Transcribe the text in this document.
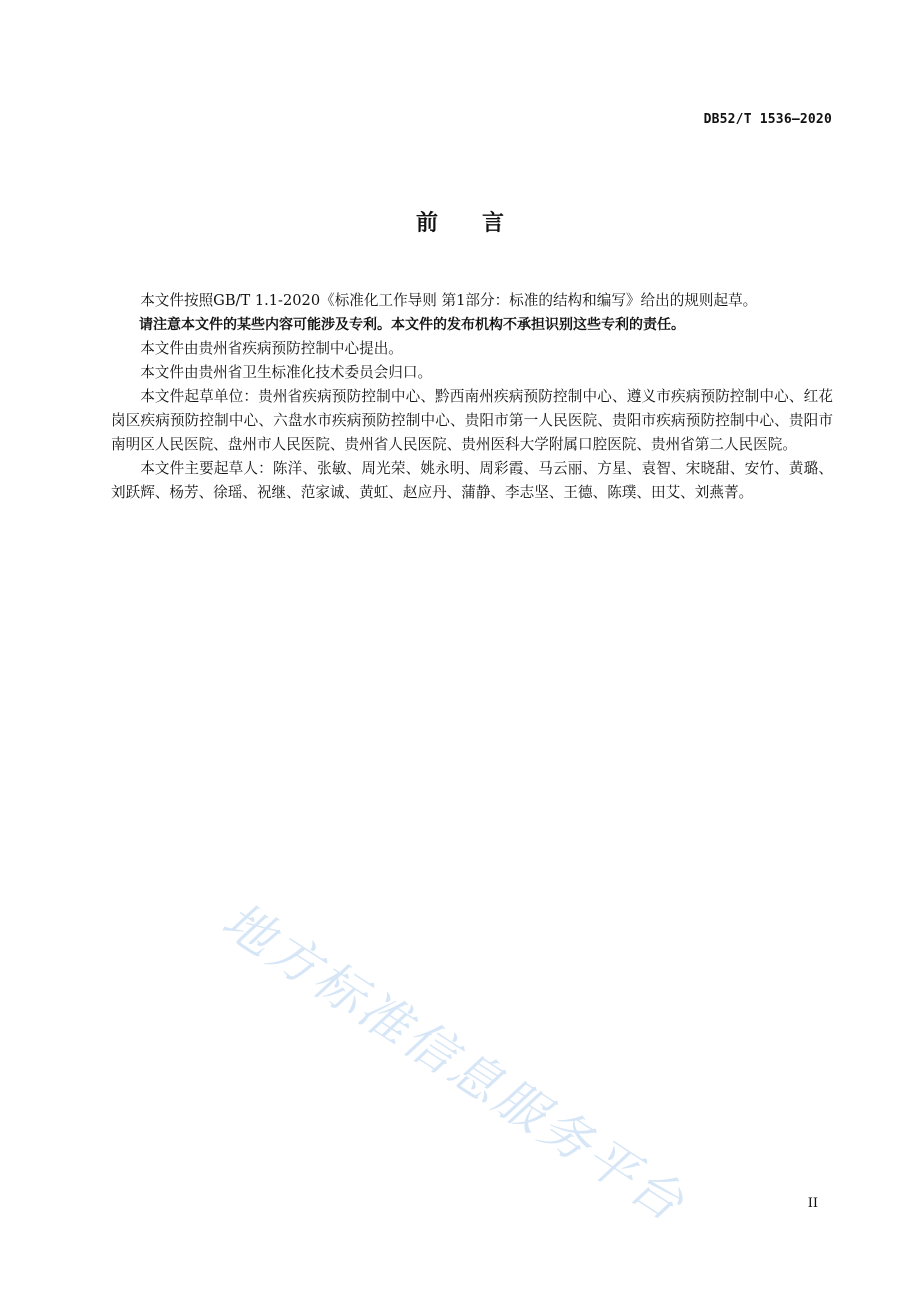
DB52/T 1536—2020
前言

本文件按照GB/T 1.1-2020《标准化工作导则 第1部分：标准的结构和编写》给出的规则起草。

请注意本文件的某些内容可能涉及专利。本文件的发布机构不承担识别这些专利的责任。

本文件由贵州省疾病预防控制中心提出。

本文件由贵州省卫生标准化技术委员会归口。

本文件起草单位：贵州省疾病预防控制中心、黔西南州疾病预防控制中心、遵义市疾病预防控制中心、红花岗区疾病预防控制中心、六盘水市疾病预防控制中心、贵阳市第一人民医院、贵阳市疾病预防控制中心、贵阳市南明区人民医院、盘州市人民医院、贵州省人民医院、贵州医科大学附属口腔医院、贵州省第二人民医院。

本文件主要起草人：陈洋、张敏、周光荣、姚永明、周彩霞、马云丽、方星、袁智、宋晓甜、安竹、黄璐、刘跃辉、杨芳、徐瑶、祝继、范家诚、黄虹、赵应丹、蒲静、李志坚、王德、陈璞、田艾、刘燕菁。

地方标准信息服务平台	II
